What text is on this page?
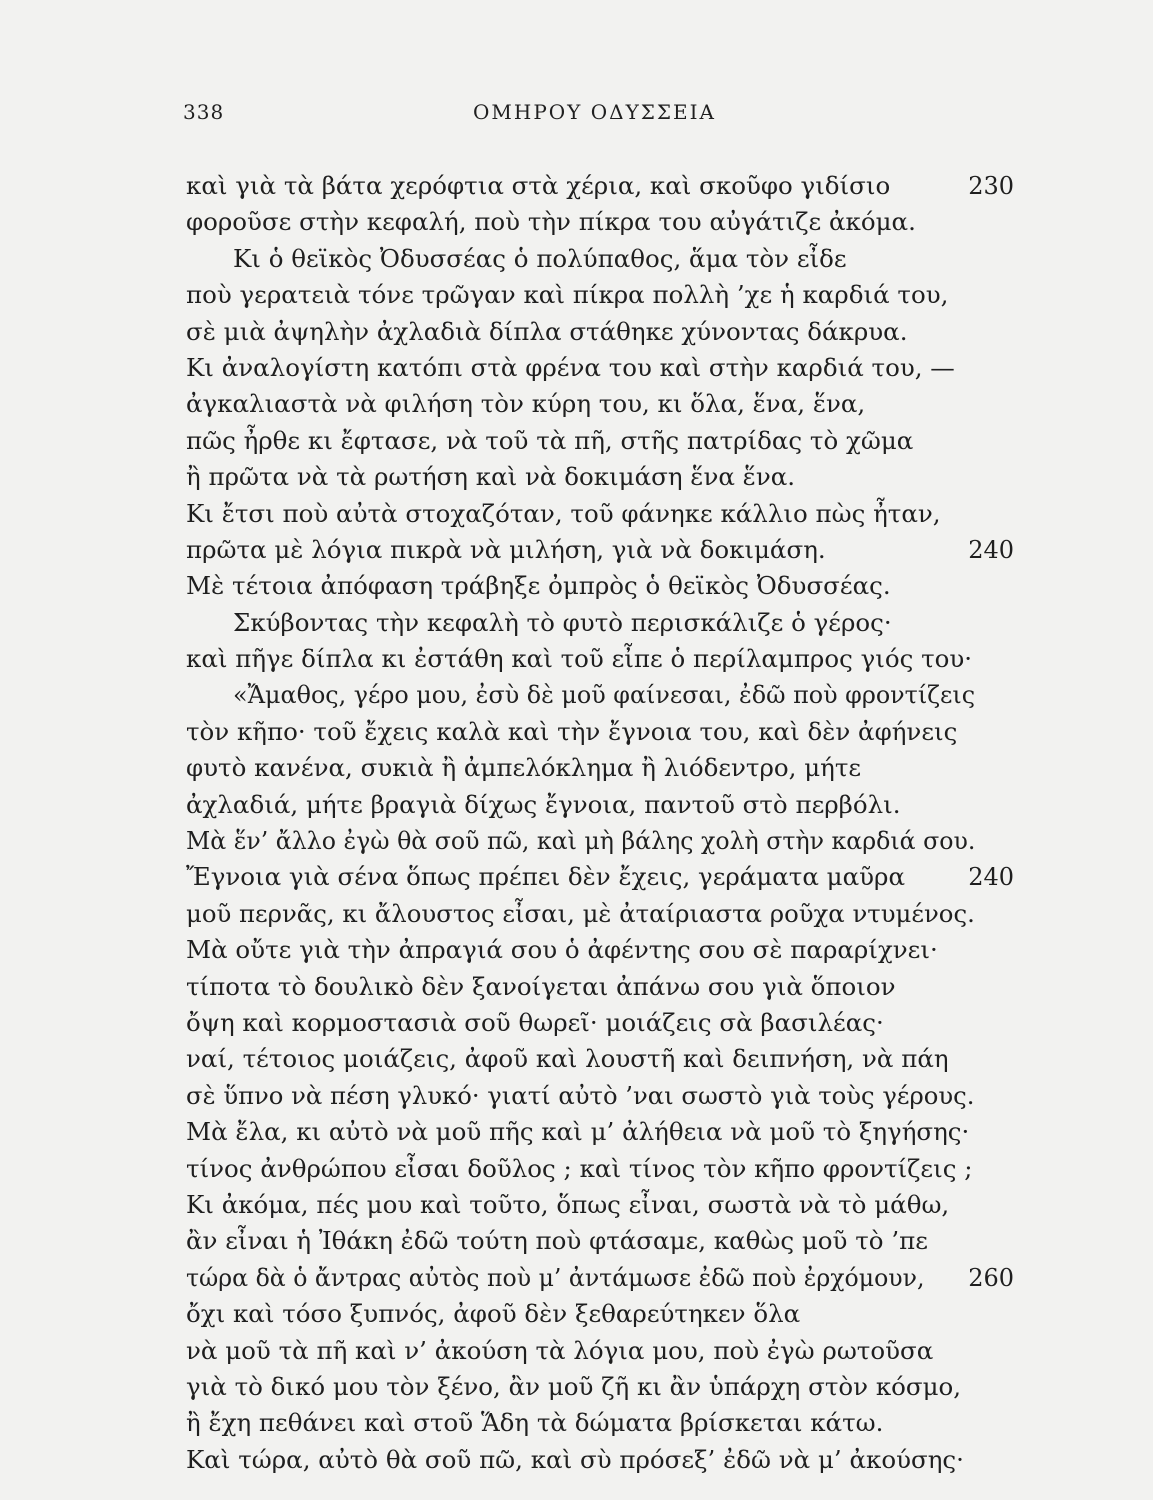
338	ΟΜΗΡΟΥ ΟΔΥΣΣΕΙΑ
καὶ γιὰ τὰ βάτα χερόφτια στὰ χέρια, καὶ σκοῦφο γιδίσιο	230
φοροῦσε στὴν κεφαλή, ποὺ τὴν πίκρα του αὐγάτιζε ἀκόμα.
Κι ὁ θεϊκὸς Ὀδυσσέας ὁ πολύπαθος, ἅμα τὸν εἶδε
ποὺ γερατειὰ τόνε τρῶγαν καὶ πίκρα πολλὴ ’χε ἡ καρδιά του,
σὲ μιὰ ἀψηλὴν ἀχλαδιὰ δίπλα στάθηκε χύνοντας δάκρυα.
Κι ἀναλογίστη κατόπι στὰ φρένα του καὶ στὴν καρδιά του, —
ἀγκαλιαστὰ νὰ φιλήση τὸν κύρη του, κι ὅλα, ἕνα, ἕνα,
πῶς ἦρθε κι ἔφτασε, νὰ τοῦ τὰ πῆ, στῆς πατρίδας τὸ χῶμα
ἢ πρῶτα νὰ τὰ ρωτήση καὶ νὰ δοκιμάση ἕνα ἕνα.
Κι ἔτσι ποὺ αὐτὰ στοχαζόταν, τοῦ φάνηκε κάλλιο πὼς ἦταν,
πρῶτα μὲ λόγια πικρὰ νὰ μιλήση, γιὰ νὰ δοκιμάση.	240
Μὲ τέτοια ἀπόφαση τράβηξε ὀμπρὸς ὁ θεϊκὸς Ὀδυσσέας.
Σκύβοντας τὴν κεφαλὴ τὸ φυτὸ περισκάλιζε ὁ γέρος·
καὶ πῆγε δίπλα κι ἐστάθη καὶ τοῦ εἶπε ὁ περίλαμπρος γιός του·
«Ἄμαθος, γέρο μου, ἐσὺ δὲ μοῦ φαίνεσαι, ἐδῶ ποὺ φροντίζεις
τὸν κῆπο· τοῦ ἔχεις καλὰ καὶ τὴν ἔγνοια του, καὶ δὲν ἀφήνεις
φυτὸ κανένα, συκιὰ ἢ ἀμπελόκλημα ἢ λιόδεντρο, μήτε
ἀχλαδιά, μήτε βραγιὰ δίχως ἔγνοια, παντοῦ στὸ περβόλι.
Μὰ ἕν’ ἄλλο ἐγὼ θὰ σοῦ πῶ, καὶ μὴ βάλης χολὴ στὴν καρδιά σου.
Ἔγνοια γιὰ σένα ὅπως πρέπει δὲν ἔχεις, γεράματα μαῦρα	240
μοῦ περνᾶς, κι ἄλουστος εἶσαι, μὲ ἀταίριαστα ροῦχα ντυμένος.
Μὰ οὔτε γιὰ τὴν ἀπραγιά σου ὁ ἀφέντης σου σὲ παραρίχνει·
τίποτα τὸ δουλικὸ δὲν ξανοίγεται ἀπάνω σου γιὰ ὅποιον
ὄψη καὶ κορμοστασιὰ σοῦ θωρεῖ· μοιάζεις σὰ βασιλέας·
ναί, τέτοιος μοιάζεις, ἀφοῦ καὶ λουστῆ καὶ δειπνήση, νὰ πάη
σὲ ὕπνο νὰ πέση γλυκό· γιατί αὐτὸ ’ναι σωστὸ γιὰ τοὺς γέρους.
Μὰ ἔλα, κι αὐτὸ νὰ μοῦ πῆς καὶ μ’ ἀλήθεια νὰ μοῦ τὸ ξηγήσης·
τίνος ἀνθρώπου εἶσαι δοῦλος ; καὶ τίνος τὸν κῆπο φροντίζεις ;
Κι ἀκόμα, πές μου καὶ τοῦτο, ὅπως εἶναι, σωστὰ νὰ τὸ μάθω,
ἂν εἶναι ἡ Ἰθάκη ἐδῶ τούτη ποὺ φτάσαμε, καθὼς μοῦ τὸ ’πε
τώρα δὰ ὁ ἄντρας αὐτὸς ποὺ μ’ ἀντάμωσε ἐδῶ ποὺ ἐρχόμουν, 260
ὄχι καὶ τόσο ξυπνός, ἀφοῦ δὲν ξεθαρεύτηκεν ὅλα
νὰ μοῦ τὰ πῆ καὶ ν’ ἀκούση τὰ λόγια μου, ποὺ ἐγὼ ρωτοῦσα
γιὰ τὸ δικό μου τὸν ξένο, ἂν μοῦ ζῆ κι ἂν ὑπάρχη στὸν κόσμο,
ἢ ἔχη πεθάνει καὶ στοῦ Ἅδη τὰ δώματα βρίσκεται κάτω.
Καὶ τώρα, αὐτὸ θὰ σοῦ πῶ, καὶ σὺ πρόσεξ’ ἐδῶ νὰ μ’ ἀκούσης·
